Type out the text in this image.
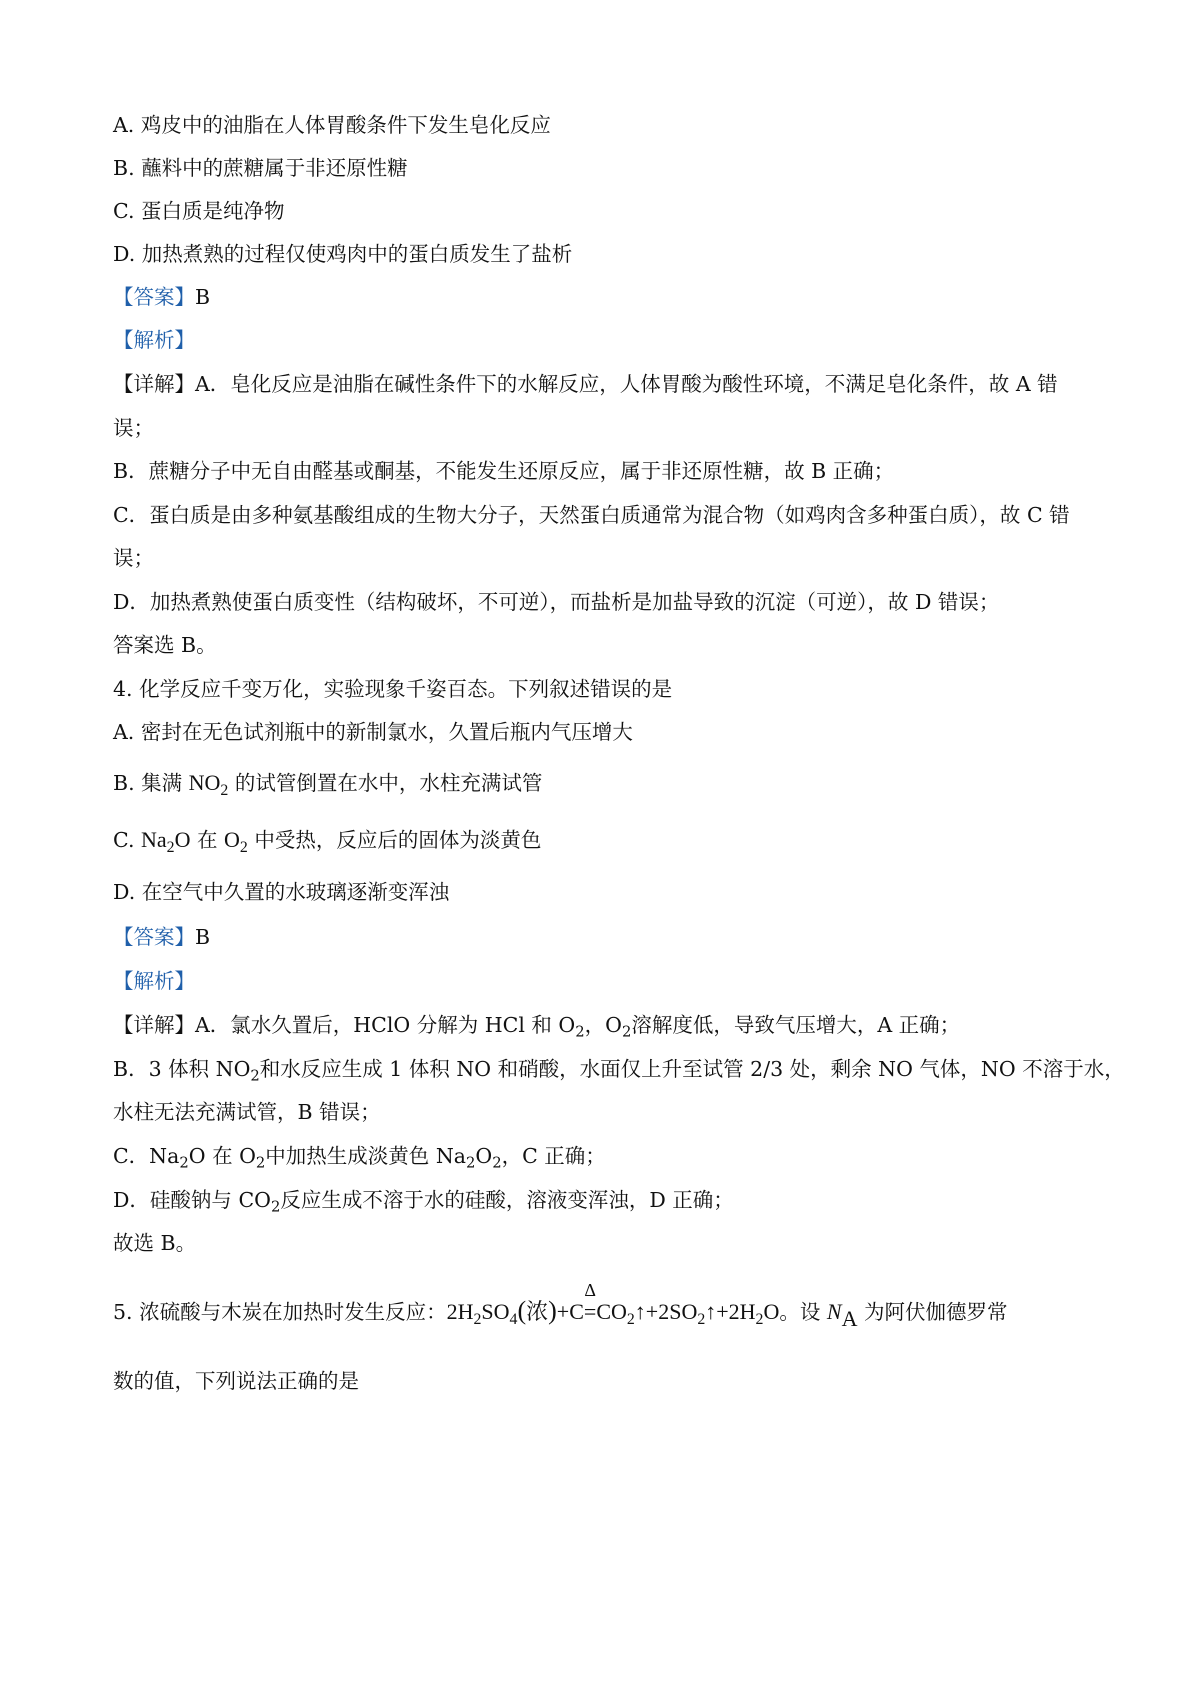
A. 鸡皮中的油脂在人体胃酸条件下发生皂化反应
B. 蘸料中的蔗糖属于非还原性糖
C. 蛋白质是纯净物
D. 加热煮熟的过程仅使鸡肉中的蛋白质发生了盐析
【答案】B
【解析】
【详解】A．皂化反应是油脂在碱性条件下的水解反应，人体胃酸为酸性环境，不满足皂化条件，故 A 错
误；
B．蔗糖分子中无自由醛基或酮基，不能发生还原反应，属于非还原性糖，故 B 正确；
C．蛋白质是由多种氨基酸组成的生物大分子，天然蛋白质通常为混合物（如鸡肉含多种蛋白质），故 C 错
误；
D．加热煮熟使蛋白质变性（结构破坏，不可逆），而盐析是加盐导致的沉淀（可逆），故 D 错误；
答案选 B。
4. 化学反应千变万化，实验现象千姿百态。下列叙述错误的是
A. 密封在无色试剂瓶中的新制氯水，久置后瓶内气压增大
B. 集满 $NO_2$ 的试管倒置在水中，水柱充满试管
C. $Na_2O$ 在 $O_2$ 中受热，反应后的固体为淡黄色
D. 在空气中久置的水玻璃逐渐变浑浊
【答案】B
【解析】
【详解】A．氯水久置后，HClO 分解为 HCl 和 $O_2$，$O_2$溶解度低，导致气压增大，A 正确；
B．3 体积 $NO_2$和水反应生成 1 体积 NO 和硝酸，水面仅上升至试管 2/3 处，剩余 NO 气体，NO 不溶于水，
水柱无法充满试管，B 错误；
C．$Na_2O$ 在 $O_2$中加热生成淡黄色 $Na_2O_2$，C 正确；
D．硅酸钠与 $CO_2$反应生成不溶于水的硅酸，溶液变浑浊，D 正确；
故选 B。
5. 浓硫酸与木炭在加热时发生反应：$2H_2SO_4$(浓)+C
Δ
$=CO_2↑+2SO_2↑+2H_2O$。设 $N_A$ 为阿伏伽德罗常
数的值，下列说法正确的是
